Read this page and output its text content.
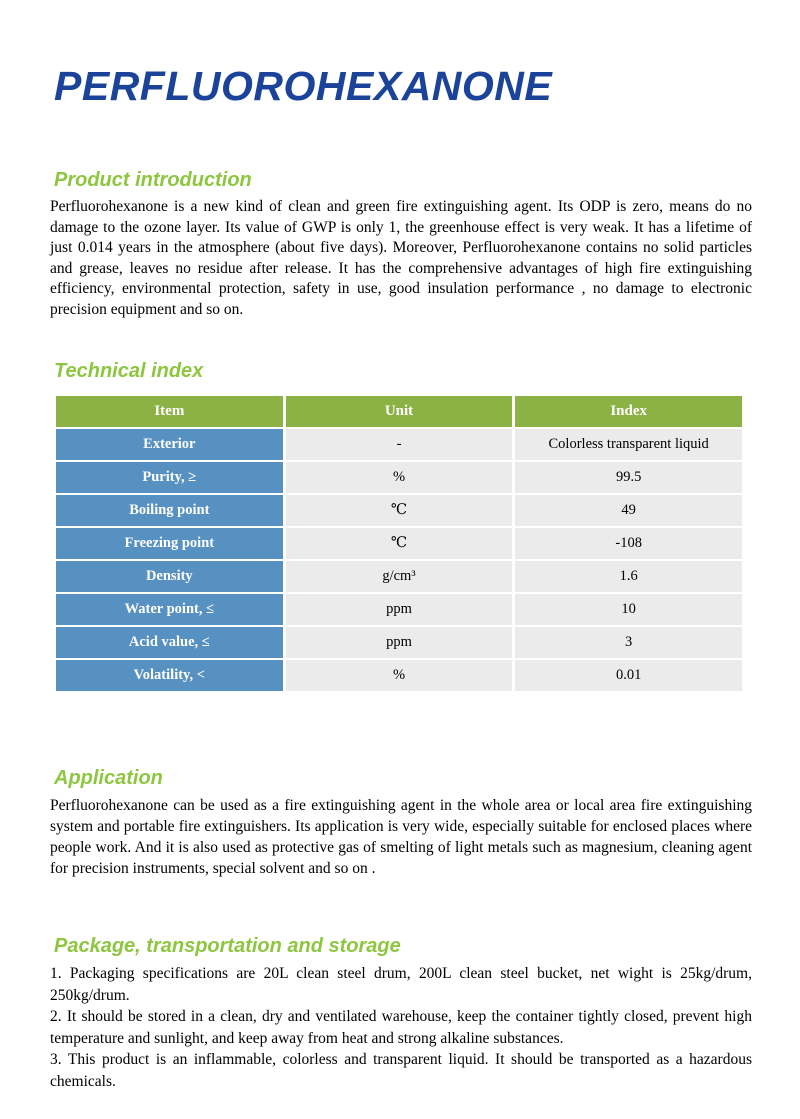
PERFLUOROHEXANONE
Product introduction

Perfluorohexanone is a new kind of clean and green fire extinguishing agent. Its ODP is zero, means do no damage to the ozone layer. Its value of GWP is only 1, the greenhouse effect is very weak. It has a lifetime of just 0.014 years in the atmosphere (about five days). Moreover, Perfluorohexanone contains no solid particles and grease, leaves no residue after release. It has the comprehensive advantages of high fire extinguishing efficiency, environmental protection, safety in use, good insulation performance , no damage to electronic precision equipment and so on.

Technical index
Item	Unit	Index
Exterior	-	Colorless transparent liquid
Purity, ≥	%	99.5
Boiling point	℃	49
Freezing point	℃	-108
Density	g/cm³	1.6
Water point, ≤	ppm	10
Acid value, ≤	ppm	3
Volatility, <	%	0.01
Application

Perfluorohexanone can be used as a fire extinguishing agent in the whole area or local area fire extinguishing system and portable fire extinguishers. Its application is very wide, especially suitable for enclosed places where people work. And it is also used as protective gas of smelting of light metals such as magnesium, cleaning agent for precision instruments, special solvent and so on .

Package, transportation and storage

1. Packaging specifications are 20L clean steel drum, 200L clean steel bucket, net wight is 25kg/drum, 250kg/drum.

2. It should be stored in a clean, dry and ventilated warehouse, keep the container tightly closed, prevent high temperature and sunlight, and keep away from heat and strong alkaline substances.

3. This product is an inflammable, colorless and transparent liquid. It should be transported as a hazardous chemicals.
